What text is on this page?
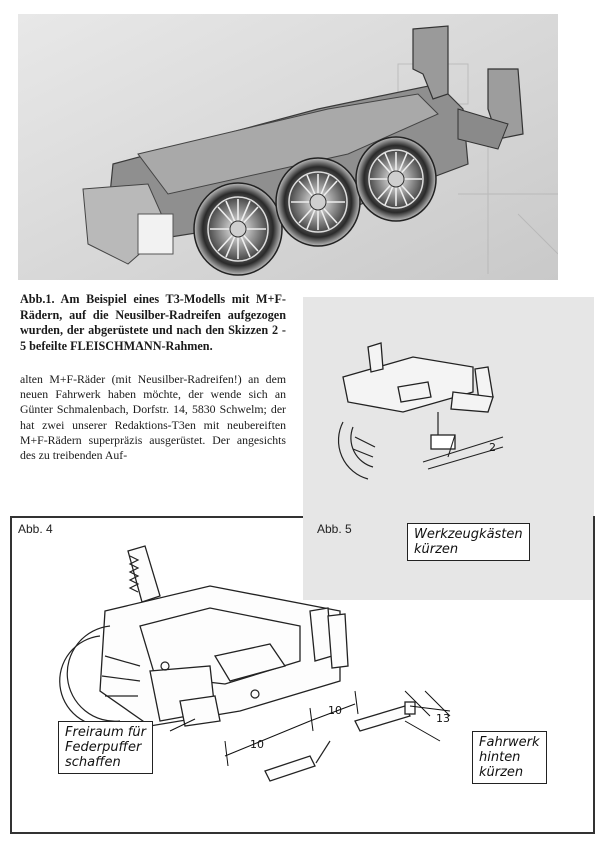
Abb.1. Am Beispiel eines T3-Modells mit M+F-Rädern, auf die Neusilber-Radreifen aufgezogen wurden, der abgerüstete und nach den Skizzen 2 - 5 befeilte FLEISCHMANN-Rahmen.
alten M+F-Räder (mit Neusilber-Radreifen!) an dem neuen Fahrwerk haben möchte, der wende sich an Günter Schmalenbach, Dorfstr. 14, 5830 Schwelm; der hat zwei unserer Redaktions-T3en mit neubereiften M+F-Rädern superpräzis ausgerüstet. Der angesichts des zu treibenden Auf-
2
Abb. 5	Werkzeugkästen
kürzen
Abb. 4
10
10
13
Freiraum für
Federpuffer
schaffen
Fahrwerk
hinten
kürzen
